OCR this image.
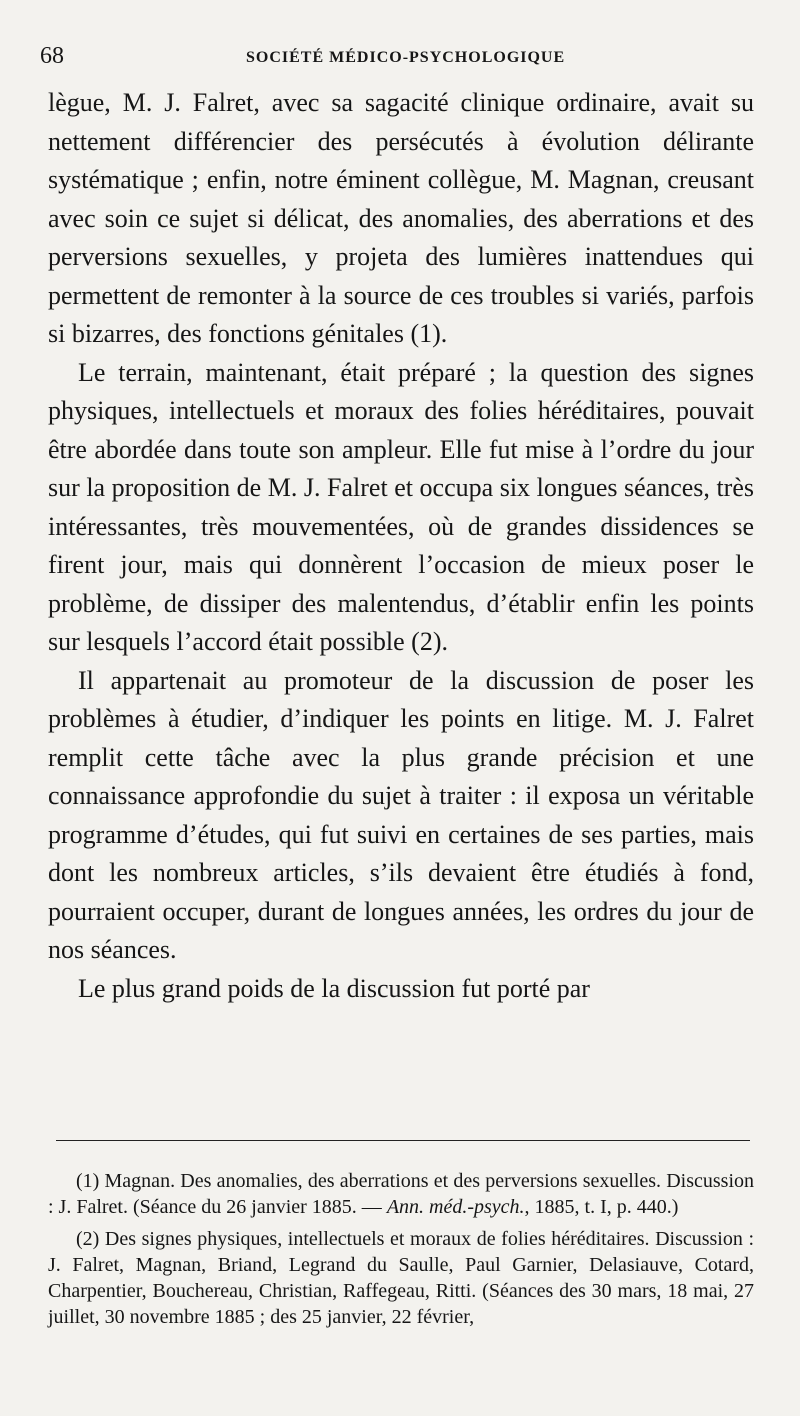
68	SOCIÉTÉ MÉDICO-PSYCHOLOGIQUE

lègue, M. J. Falret, avec sa sagacité clinique ordinaire, avait su nettement différencier des persécutés à évolution délirante systématique ; enfin, notre éminent collègue, M. Magnan, creusant avec soin ce sujet si délicat, des anomalies, des aberrations et des perversions sexuelles, y projeta des lumières inattendues qui permettent de remonter à la source de ces troubles si variés, parfois si bizarres, des fonctions génitales (1).

Le terrain, maintenant, était préparé ; la question des signes physiques, intellectuels et moraux des folies héréditaires, pouvait être abordée dans toute son ampleur. Elle fut mise à l’ordre du jour sur la proposition de M. J. Falret et occupa six longues séances, très intéressantes, très mouvementées, où de grandes dissidences se firent jour, mais qui donnèrent l’occasion de mieux poser le problème, de dissiper des malentendus, d’établir enfin les points sur lesquels l’accord était possible (2).

Il appartenait au promoteur de la discussion de poser les problèmes à étudier, d’indiquer les points en litige. M. J. Falret remplit cette tâche avec la plus grande précision et une connaissance approfondie du sujet à traiter : il exposa un véritable programme d’études, qui fut suivi en certaines de ses parties, mais dont les nombreux articles, s’ils devaient être étudiés à fond, pourraient occuper, durant de longues années, les ordres du jour de nos séances.

Le plus grand poids de la discussion fut porté par

(1) Magnan. Des anomalies, des aberrations et des perversions sexuelles. Discussion : J. Falret. (Séance du 26 janvier 1885. — Ann. méd.-psych., 1885, t. I, p. 440.)

(2) Des signes physiques, intellectuels et moraux de folies héréditaires. Discussion : J. Falret, Magnan, Briand, Legrand du Saulle, Paul Garnier, Delasiauve, Cotard, Charpentier, Bouchereau, Christian, Raffegeau, Ritti. (Séances des 30 mars, 18 mai, 27 juillet, 30 novembre 1885 ; des 25 janvier, 22 février,
